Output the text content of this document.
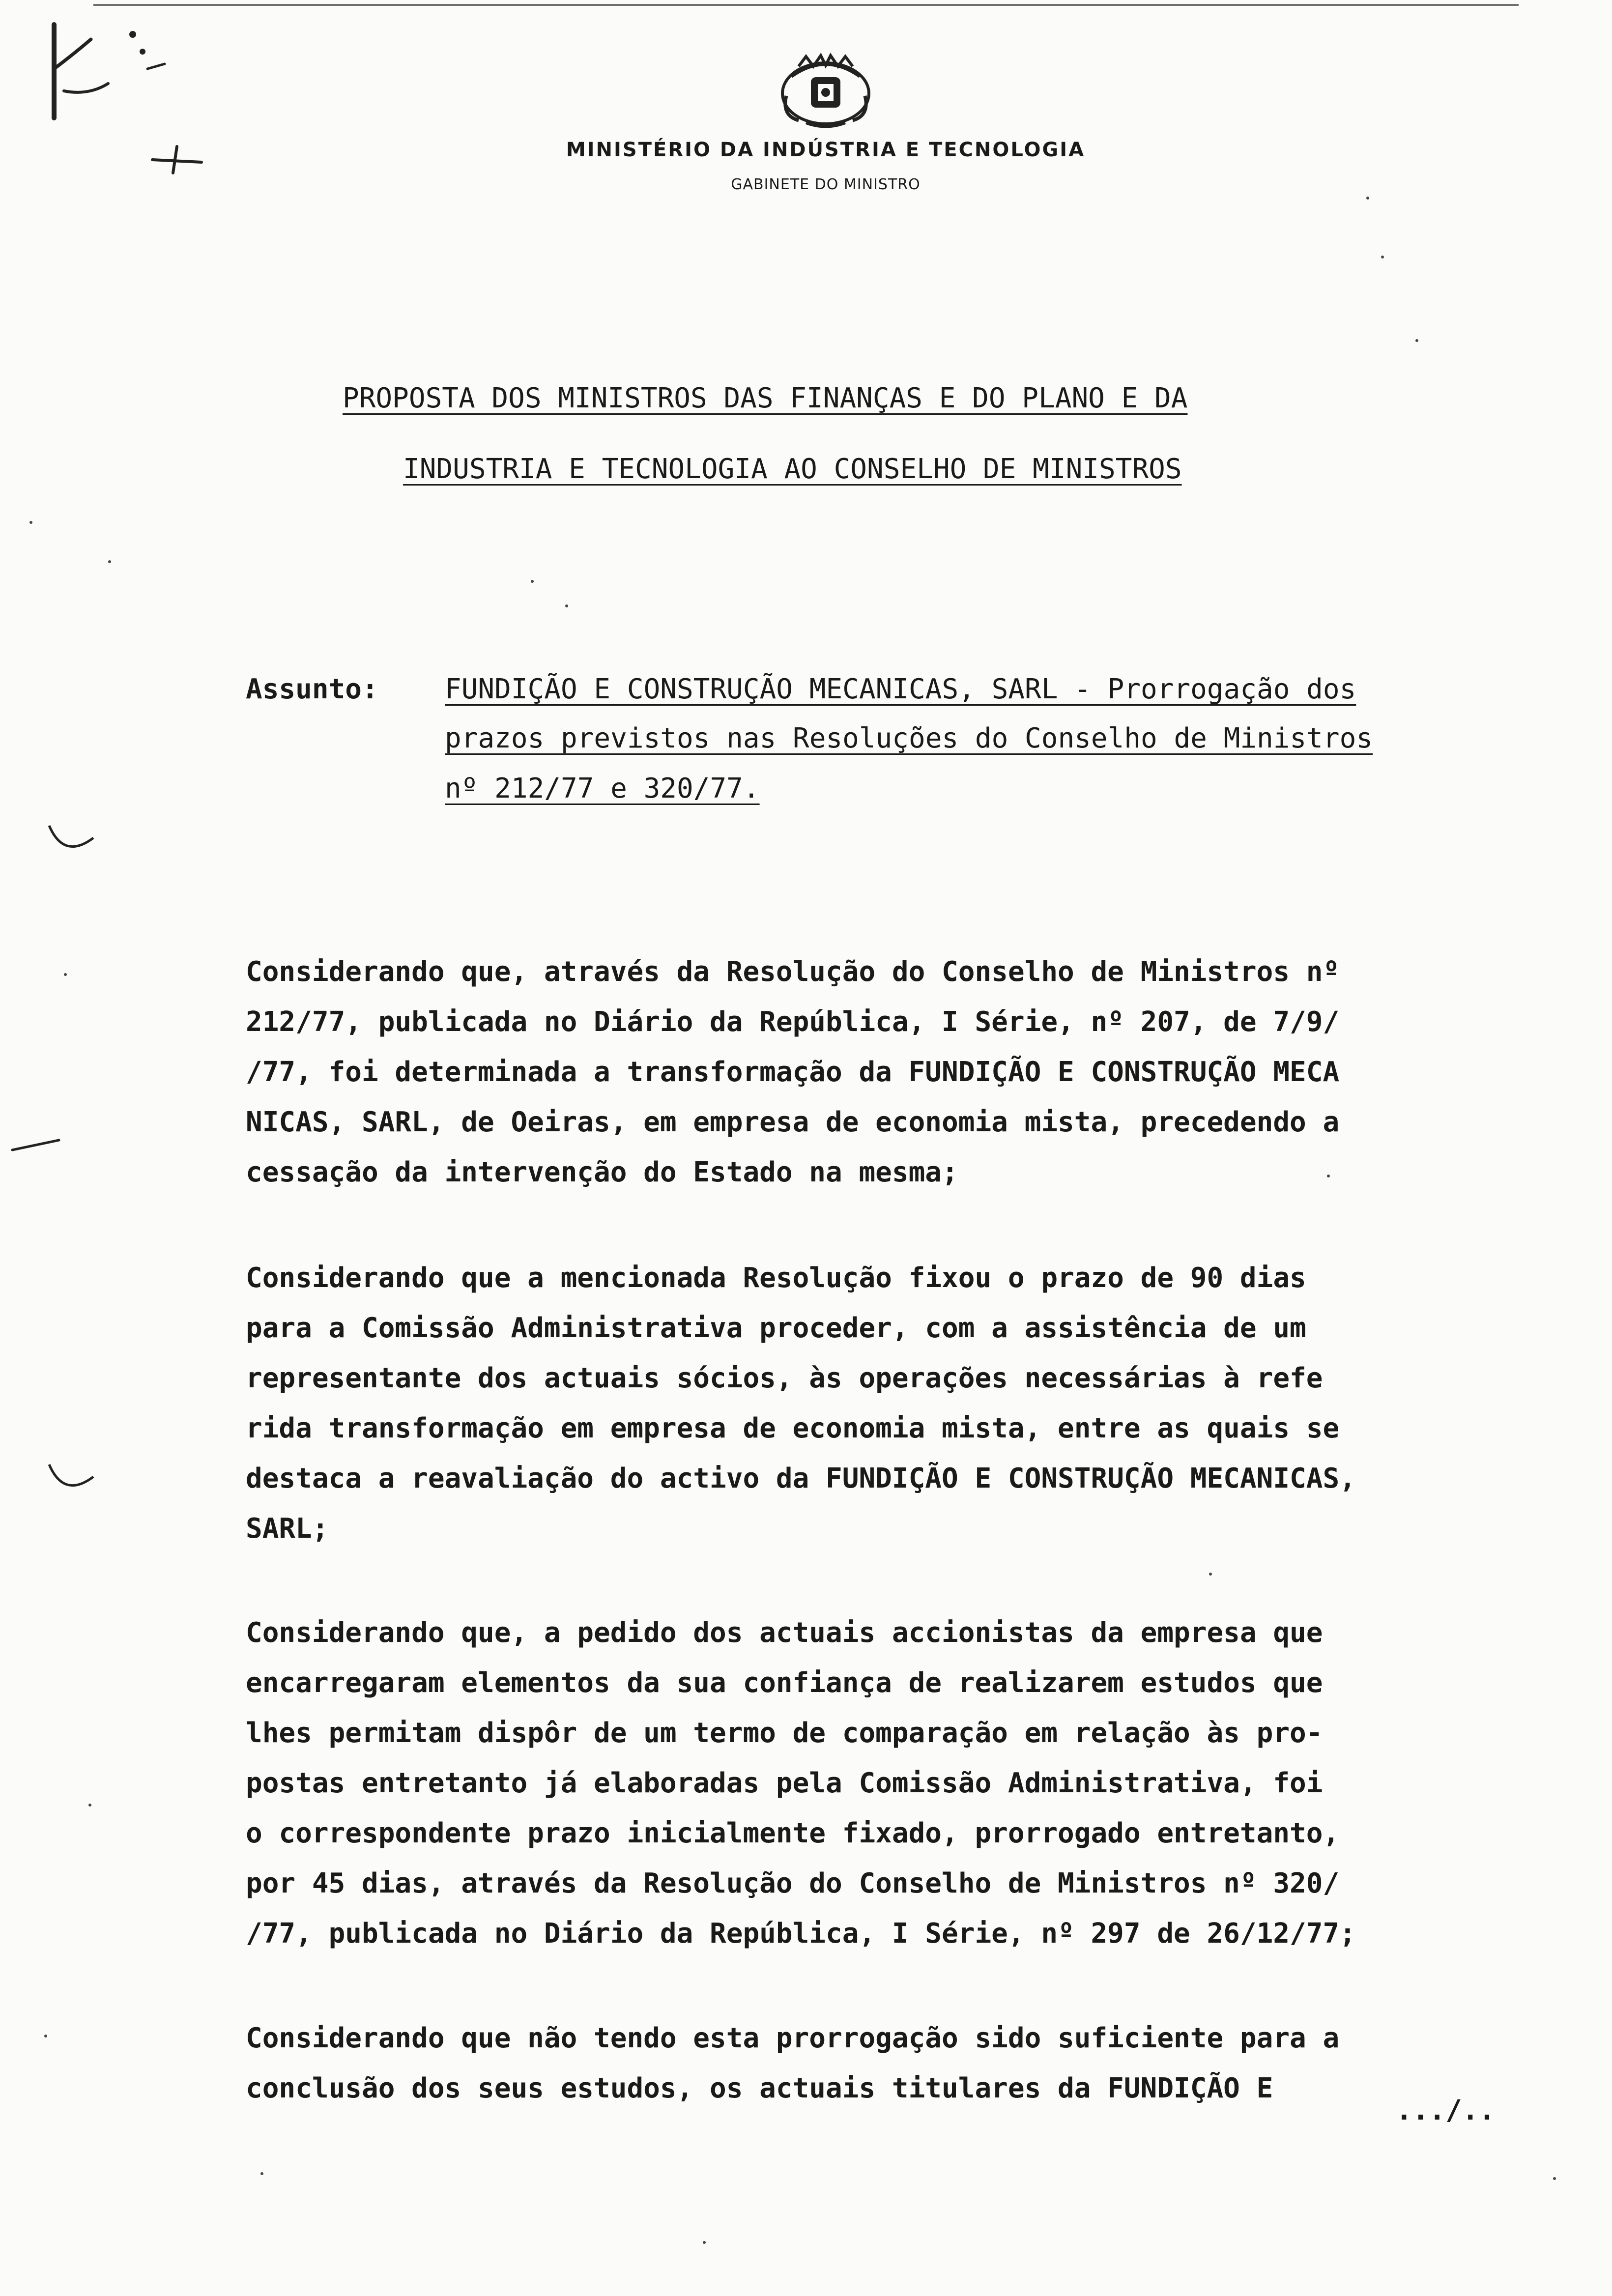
MINISTÉRIO DA INDÚSTRIA E TECNOLOGIA
GABINETE DO MINISTRO
PROPOSTA DOS MINISTROS DAS FINANÇAS E DO PLANO E DA
INDUSTRIA E TECNOLOGIA AO CONSELHO DE MINISTROS
Assunto: FUNDIÇÃO E CONSTRUÇÃO MECANICAS, SARL - Prorrogação dos
prazos previstos nas Resoluções do Conselho de Ministros
nº 212/77 e 320/77.
Considerando que, através da Resolução do Conselho de Ministros nº
212/77, publicada no Diário da República, I Série, nº 207, de 7/9/
/77, foi determinada a transformação da FUNDIÇÃO E CONSTRUÇÃO MECA
NICAS, SARL, de Oeiras, em empresa de economia mista, precedendo a
cessação da intervenção do Estado na mesma;
Considerando que a mencionada Resolução fixou o prazo de 90 dias
para a Comissão Administrativa proceder, com a assistência de um
representante dos actuais sócios, às operações necessárias à refe
rida transformação em empresa de economia mista, entre as quais se
destaca a reavaliação do activo da FUNDIÇÃO E CONSTRUÇÃO MECANICAS,
SARL;
Considerando que, a pedido dos actuais accionistas da empresa que
encarregaram elementos da sua confiança de realizarem estudos que
lhes permitam dispôr de um termo de comparação em relação às pro-
postas entretanto já elaboradas pela Comissão Administrativa, foi
o correspondente prazo inicialmente fixado, prorrogado entretanto,
por 45 dias, através da Resolução do Conselho de Ministros nº 320/
/77, publicada no Diário da República, I Série, nº 297 de 26/12/77;
Considerando que não tendo esta prorrogação sido suficiente para a
conclusão dos seus estudos, os actuais titulares da FUNDIÇÃO E
.../..
